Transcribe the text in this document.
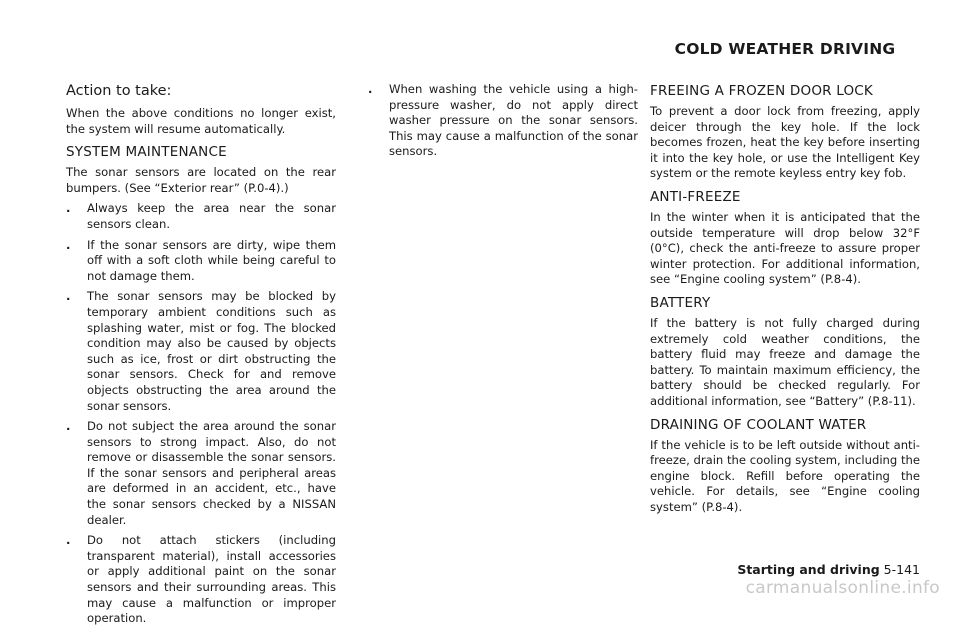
COLD WEATHER DRIVING
Action to take:

When the above conditions no longer exist, the system will resume automatically.

SYSTEM MAINTENANCE

The sonar sensors are located on the rear bumpers. (See “Exterior rear” (P.0-4).)

. Always keep the area near the sonar sensors clean.
. If the sonar sensors are dirty, wipe them off with a soft cloth while being careful to not damage them.
. The sonar sensors may be blocked by temporary ambient conditions such as splashing water, mist or fog. The blocked condition may also be caused by objects such as ice, frost or dirt obstructing the sonar sensors. Check for and remove objects obstructing the area around the sonar sensors.
. Do not subject the area around the sonar sensors to strong impact. Also, do not remove or disassemble the sonar sensors. If the sonar sensors and peripheral areas are deformed in an accident, etc., have the sonar sensors checked by a NISSAN dealer.
. Do not attach stickers (including transparent material), install accessories or apply additional paint on the sonar sensors and their surrounding areas. This may cause a malfunction or improper operation.
. When washing the vehicle using a high-pressure washer, do not apply direct washer pressure on the sonar sensors. This may cause a malfunction of the sonar sensors.
FREEING A FROZEN DOOR LOCK

To prevent a door lock from freezing, apply deicer through the key hole. If the lock becomes frozen, heat the key before inserting it into the key hole, or use the Intelligent Key system or the remote keyless entry key fob.

ANTI-FREEZE

In the winter when it is anticipated that the outside temperature will drop below 32°F (0°C), check the anti-freeze to assure proper winter protection. For additional information, see “Engine cooling system” (P.8-4).

BATTERY

If the battery is not fully charged during extremely cold weather conditions, the battery fluid may freeze and damage the battery. To maintain maximum efficiency, the battery should be checked regularly. For additional information, see “Battery” (P.8-11).

DRAINING OF COOLANT WATER

If the vehicle is to be left outside without anti-freeze, drain the cooling system, including the engine block. Refill before operating the vehicle. For details, see “Engine cooling system” (P.8-4).

Starting and driving 5-141
carmanualsonline.info
